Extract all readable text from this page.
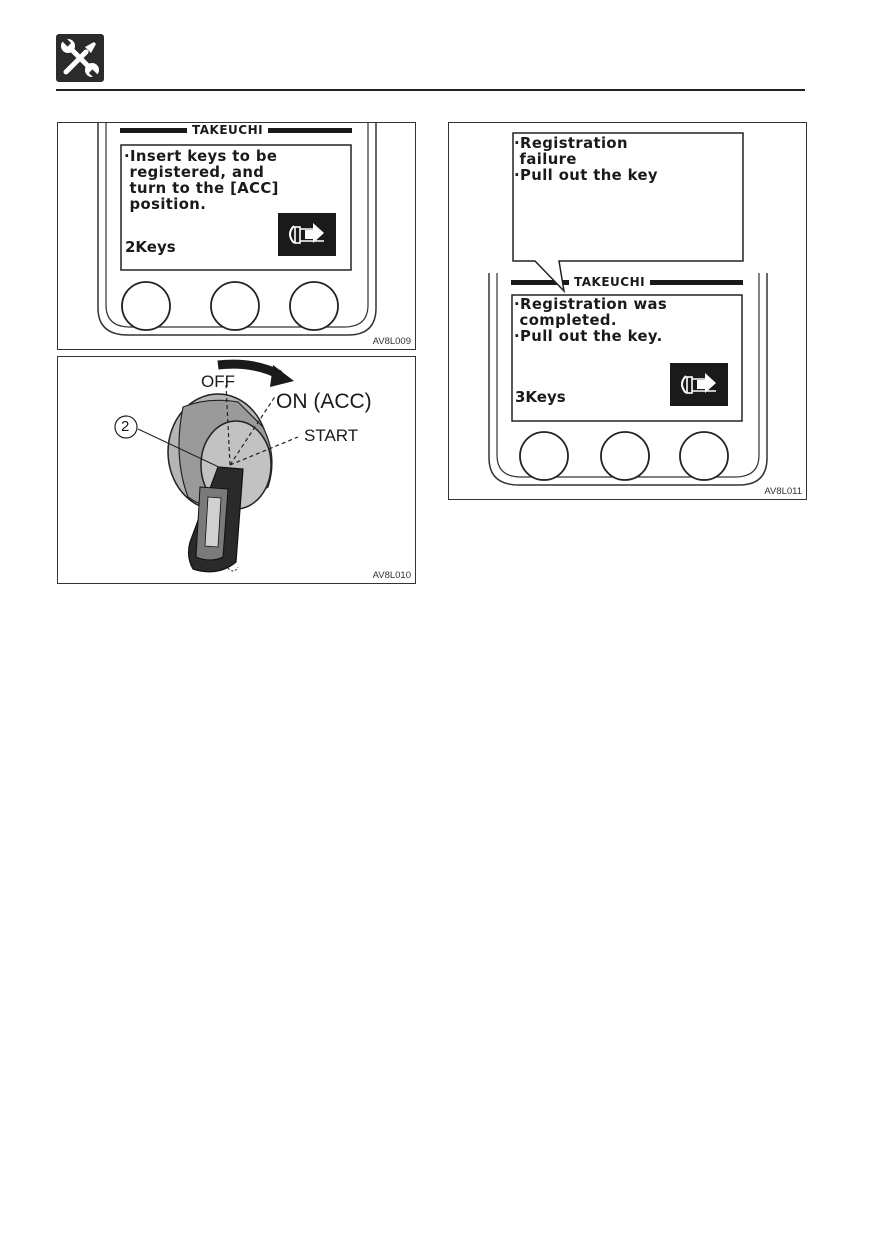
TAKEUCHI
·Insert keys to be
registered, and
turn to the [ACC]
position.
2Keys
AV8L009
2
OFF
ON (ACC)
START
AV8L010
TAKEUCHI
·Registration
failure
·Pull out the key
·Registration was
completed.
·Pull out the key.
3Keys
AV8L011
